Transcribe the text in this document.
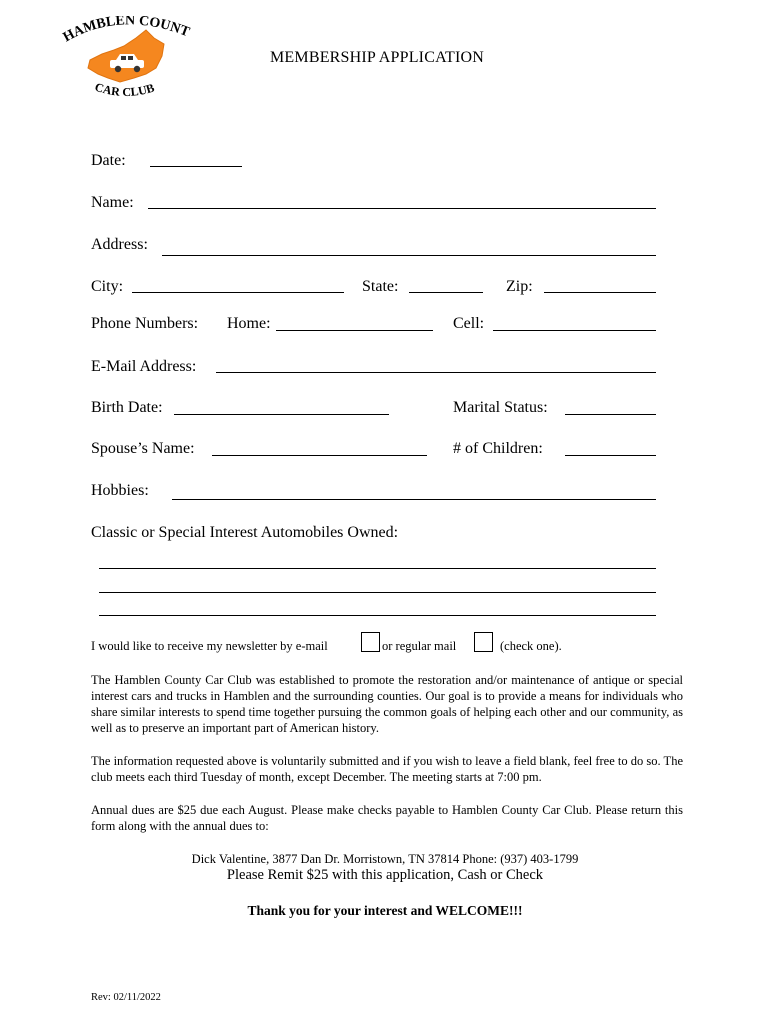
HAMBLEN COUNT
CAR CLUB
MEMBERSHIP APPLICATION
Date:
Name:
Address:
City:	State:	Zip:
Phone Numbers: Home:	Cell:
E-Mail Address:
Birth Date:	Marital Status:
Spouse’s Name:	# of Children:
Hobbies:
Classic or Special Interest Automobiles Owned:
I would like to receive my newsletter by e-mail	or regular mail	(check one).
The Hamblen County Car Club was established to promote the restoration and/or maintenance of antique or special interest cars and trucks in Hamblen and the surrounding counties. Our goal is to provide a means for individuals who share similar interests to spend time together pursuing the common goals of helping each other and our community, as well as to preserve an important part of American history.
The information requested above is voluntarily submitted and if you wish to leave a field blank, feel free to do so. The club meets each third Tuesday of month, except December. The meeting starts at 7:00 pm.
Annual dues are $25 due each August. Please make checks payable to Hamblen County Car Club. Please return this form along with the annual dues to:
Dick Valentine, 3877 Dan Dr. Morristown, TN 37814 Phone: (937) 403-1799
Please Remit $25 with this application, Cash or Check
Thank you for your interest and WELCOME!!!
Rev: 02/11/2022
